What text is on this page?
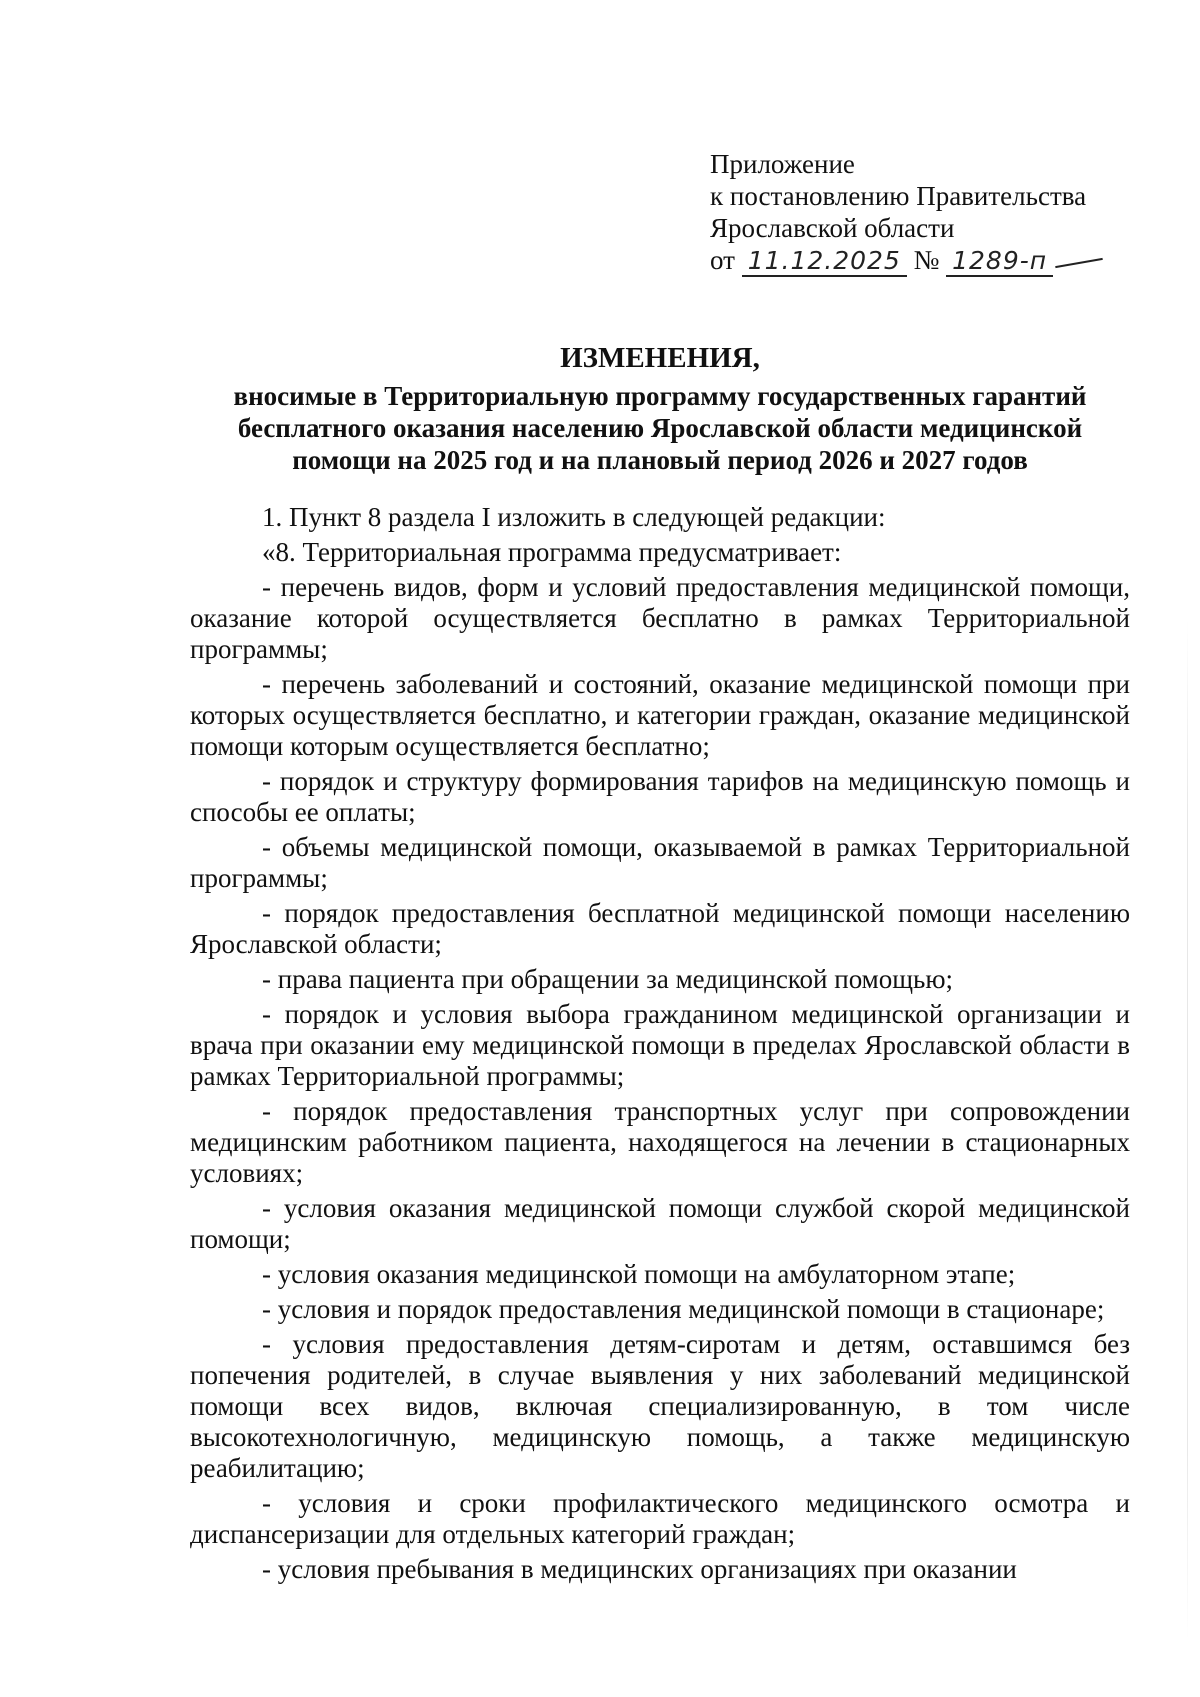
Приложение
к постановлению Правительства
Ярославской области
от 11.12.2025 № 1289-п
ИЗМЕНЕНИЯ,
вносимые в Территориальную программу государственных гарантий
бесплатного оказания населению Ярославской области медицинской
помощи на 2025 год и на плановый период 2026 и 2027 годов

1. Пункт 8 раздела I изложить в следующей редакции:

«8. Территориальная программа предусматривает:

- перечень видов, форм и условий предоставления медицинской помощи, оказание которой осуществляется бесплатно в рамках Территориальной программы;

- перечень заболеваний и состояний, оказание медицинской помощи при которых осуществляется бесплатно, и категории граждан, оказание медицинской помощи которым осуществляется бесплатно;

- порядок и структуру формирования тарифов на медицинскую помощь и способы ее оплаты;

- объемы медицинской помощи, оказываемой в рамках Территориальной программы;

- порядок предоставления бесплатной медицинской помощи населению Ярославской области;

- права пациента при обращении за медицинской помощью;

- порядок и условия выбора гражданином медицинской организации и врача при оказании ему медицинской помощи в пределах Ярославской области в рамках Территориальной программы;

- порядок предоставления транспортных услуг при сопровождении медицинским работником пациента, находящегося на лечении в стационарных условиях;

- условия оказания медицинской помощи службой скорой медицинской помощи;

- условия оказания медицинской помощи на амбулаторном этапе;

- условия и порядок предоставления медицинской помощи в стационаре;

- условия предоставления детям-сиротам и детям, оставшимся без попечения родителей, в случае выявления у них заболеваний медицинской помощи всех видов, включая специализированную, в том числе высокотехнологичную, медицинскую помощь, а также медицинскую реабилитацию;

- условия и сроки профилактического медицинского осмотра и диспансеризации для отдельных категорий граждан;

- условия пребывания в медицинских организациях при оказании
